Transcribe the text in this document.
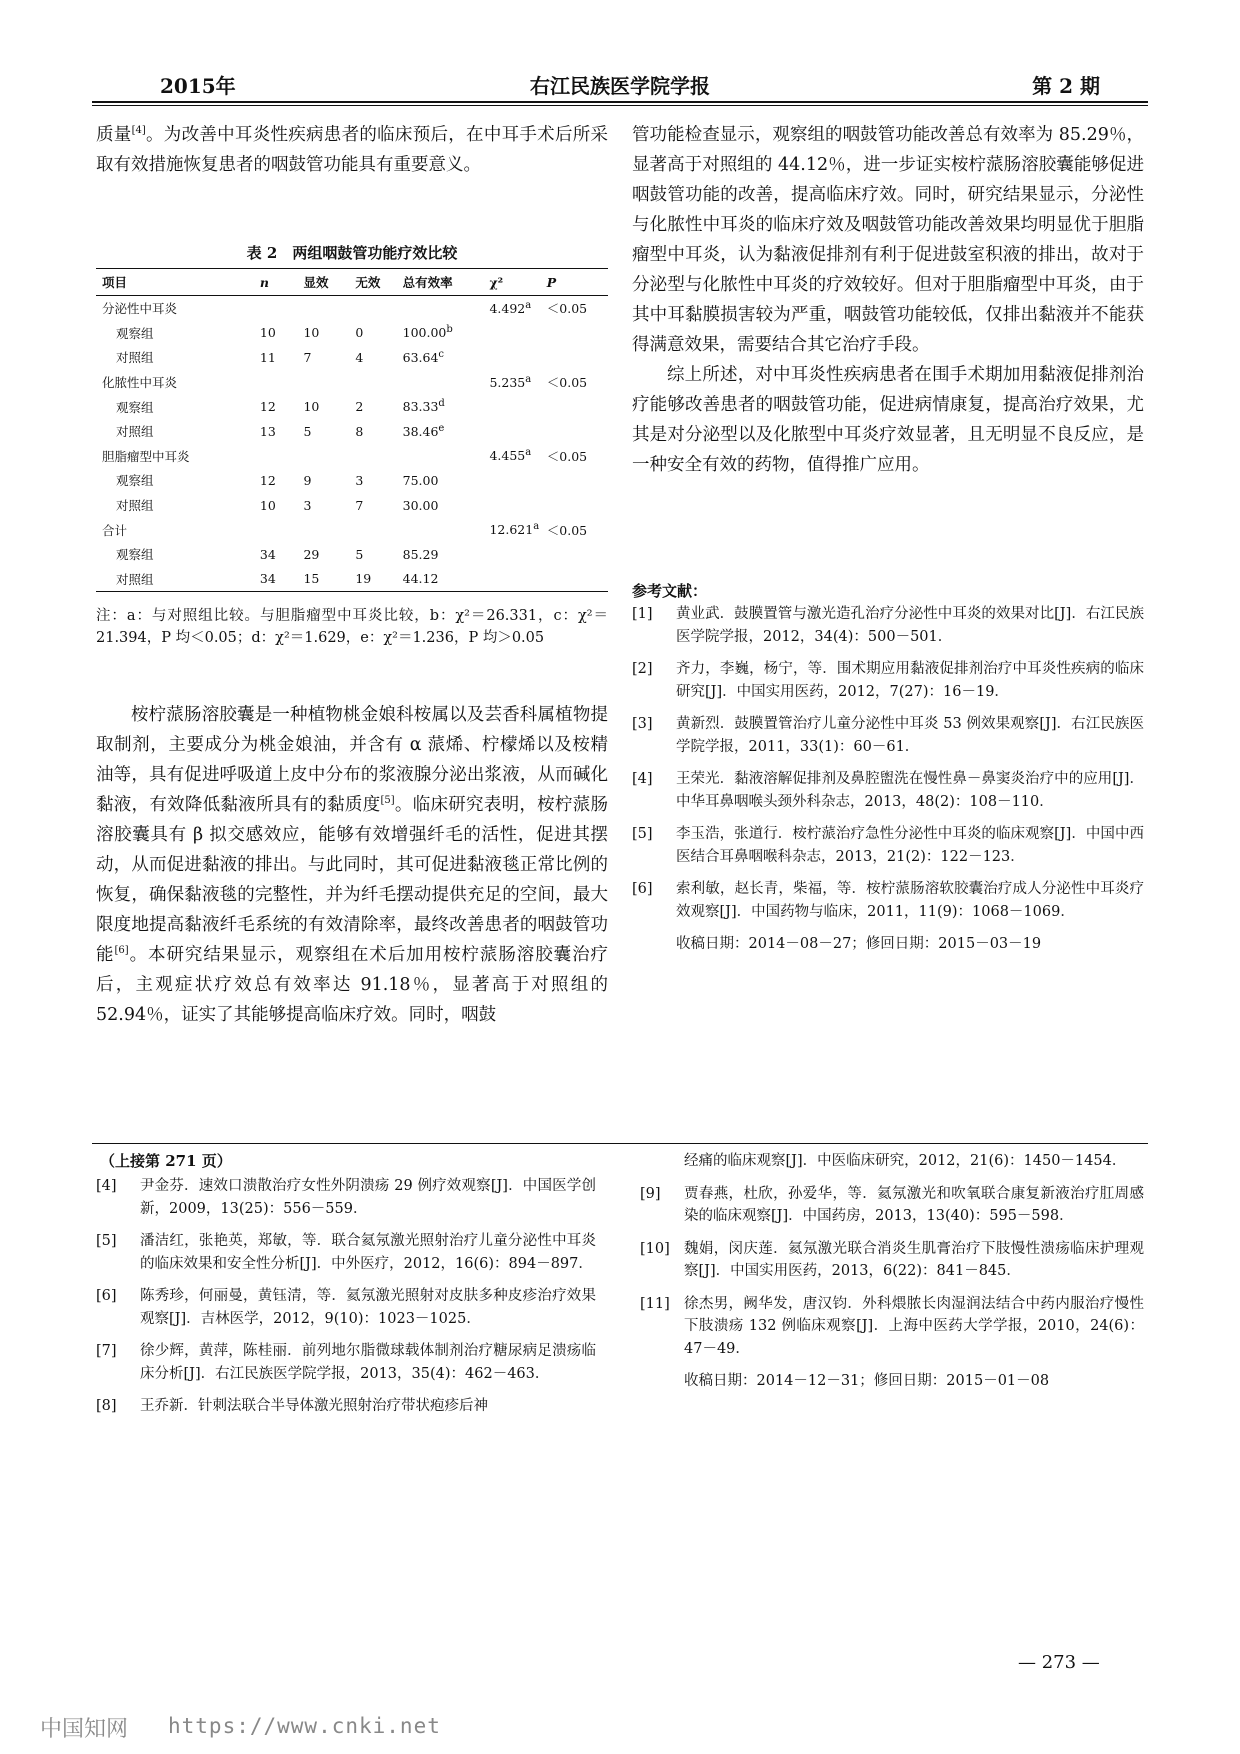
2015年	右江民族医学院学报	第 2 期

质量[4]。为改善中耳炎性疾病患者的临床预后，在中耳手术后所采取有效措施恢复患者的咽鼓管功能具有重要意义。

表 2　两组咽鼓管功能疗效比较
项目	n	显效	无效	总有效率	χ²	P
分泌性中耳炎					4.492$^a$	＜0.05
观察组	10	10	0	100.00$^b$		
对照组	11	7	4	63.64$^c$		
化脓性中耳炎					5.235$^a$	＜0.05
观察组	12	10	2	83.33$^d$		
对照组	13	5	8	38.46e		
胆脂瘤型中耳炎					4.455$^a$	＜0.05
观察组	12	9	3	75.00		
对照组	10	3	7	30.00		
合计					12.621$^a$	＜0.05
观察组	34	29	5	85.29		
对照组	34	15	19	44.12		
注：a：与对照组比较。与胆脂瘤型中耳炎比较，b：χ²＝26.331，c：χ²＝21.394，P 均＜0.05；d：χ²＝1.629，e：χ²＝1.236，P 均＞0.05

桉柠蒎肠溶胶囊是一种植物桃金娘科桉属以及芸香科属植物提取制剂，主要成分为桃金娘油，并含有 α 蒎烯、柠檬烯以及桉精油等，具有促进呼吸道上皮中分布的浆液腺分泌出浆液，从而碱化黏液，有效降低黏液所具有的黏质度[5]。临床研究表明，桉柠蒎肠溶胶囊具有 β 拟交感效应，能够有效增强纤毛的活性，促进其摆动，从而促进黏液的排出。与此同时，其可促进黏液毯正常比例的恢复，确保黏液毯的完整性，并为纤毛摆动提供充足的空间，最大限度地提高黏液纤毛系统的有效清除率，最终改善患者的咽鼓管功能[6]。本研究结果显示，观察组在术后加用桉柠蒎肠溶胶囊治疗后，主观症状疗效总有效率达 91.18％，显著高于对照组的 52.94％，证实了其能够提高临床疗效。同时，咽鼓

管功能检查显示，观察组的咽鼓管功能改善总有效率为 85.29％，显著高于对照组的 44.12％，进一步证实桉柠蒎肠溶胶囊能够促进咽鼓管功能的改善，提高临床疗效。同时，研究结果显示，分泌性与化脓性中耳炎的临床疗效及咽鼓管功能改善效果均明显优于胆脂瘤型中耳炎，认为黏液促排剂有利于促进鼓室积液的排出，故对于分泌型与化脓性中耳炎的疗效较好。但对于胆脂瘤型中耳炎，由于其中耳黏膜损害较为严重，咽鼓管功能较低，仅排出黏液并不能获得满意效果，需要结合其它治疗手段。

综上所述，对中耳炎性疾病患者在围手术期加用黏液促排剂治疗能够改善患者的咽鼓管功能，促进病情康复，提高治疗效果，尤其是对分泌型以及化脓型中耳炎疗效显著，且无明显不良反应，是一种安全有效的药物，值得推广应用。

参考文献：
[1] 黄业武．鼓膜置管与激光造孔治疗分泌性中耳炎的效果对比[J]．右江民族医学院学报，2012，34(4)：500－501．
[2] 齐力，李巍，杨宁，等．围术期应用黏液促排剂治疗中耳炎性疾病的临床研究[J]．中国实用医药，2012，7(27)：16－19．
[3] 黄新烈．鼓膜置管治疗儿童分泌性中耳炎 53 例效果观察[J]．右江民族医学院学报，2011，33(1)：60－61．
[4] 王荣光．黏液溶解促排剂及鼻腔盥洗在慢性鼻－鼻窦炎治疗中的应用[J]．中华耳鼻咽喉头颈外科杂志，2013，48(2)：108－110．
[5] 李玉浩，张道行．桉柠蒎治疗急性分泌性中耳炎的临床观察[J]．中国中西医结合耳鼻咽喉科杂志，2013，21(2)：122－123．
[6] 索利敏，赵长青，柴福，等．桉柠蒎肠溶软胶囊治疗成人分泌性中耳炎疗效观察[J]．中国药物与临床，2011，11(9)：1068－1069．
收稿日期：2014－08－27；修回日期：2015－03－19
（上接第 271 页）
[4] 尹金芬．速效口溃散治疗女性外阴溃疡 29 例疗效观察[J]．中国医学创新，2009，13(25)：556－559．
[5] 潘洁红，张艳英，郑敏，等．联合氦氖激光照射治疗儿童分泌性中耳炎的临床效果和安全性分析[J]．中外医疗，2012，16(6)：894－897．
[6] 陈秀珍，何丽曼，黄钰清，等．氦氖激光照射对皮肤多种皮疹治疗效果观察[J]．吉林医学，2012，9(10)：1023－1025．
[7] 徐少辉，黄萍，陈桂丽．前列地尔脂微球载体制剂治疗糖尿病足溃疡临床分析[J]．右江民族医学院学报，2013，35(4)：462－463．
[8] 王乔新．针刺法联合半导体激光照射治疗带状疱疹后神
经痛的临床观察[J]．中医临床研究，2012，21(6)：1450－1454．
[9] 贾春燕，杜欣，孙爱华，等．氦氖激光和吹氧联合康复新液治疗肛周感染的临床观察[J]．中国药房，2013，13(40)：595－598．
[10] 魏娟，闵庆莲．氦氖激光联合消炎生肌膏治疗下肢慢性溃疡临床护理观察[J]．中国实用医药，2013，6(22)：841－845．
[11] 徐杰男，阙华发，唐汉钧．外科煨脓长肉湿润法结合中药内服治疗慢性下肢溃疡 132 例临床观察[J]．上海中医药大学学报，2010，24(6)：47－49．
收稿日期：2014－12－31；修回日期：2015－01－08
— 273 —
中国知网 https://www.cnki.net
